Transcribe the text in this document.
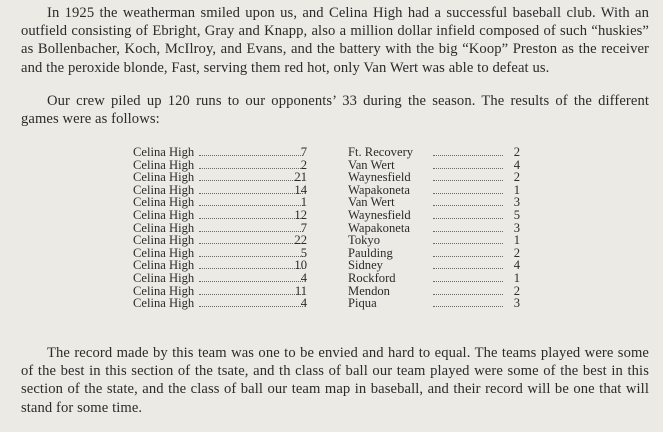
In 1925 the weatherman smiled upon us, and Celina High had a successful baseball club. With an outfield consisting of Ebright, Gray and Knapp, also a million dollar infield composed of such “huskies” as Bollenbacher, Koch, McIlroy, and Evans, and the battery with the big “Koop” Preston as the receiver and the peroxide blonde, Fast, serving them red hot, only Van Wert was able to defeat us.

Our crew piled up 120 runs to our opponents’ 33 during the season. The results of the different games were as follows:

Celina High	7	Ft. Recovery	2
Celina High	2	Van Wert	4
Celina High	21	Waynesfield	2
Celina High	14	Wapakoneta	1
Celina High	1	Van Wert	3
Celina High	12	Waynesfield	5
Celina High	7	Wapakoneta	3
Celina High	22	Tokyo	1
Celina High	5	Paulding	2
Celina High	10	Sidney	4
Celina High	4	Rockford	1
Celina High	11	Mendon	2
Celina High	4	Piqua	3

The record made by this team was one to be envied and hard to equal. The teams played were some of the best in this section of the tsate, and th class of ball our team played were some of the best in this section of the state, and the class of ball our team map in baseball, and their record will be one that will stand for some time.
